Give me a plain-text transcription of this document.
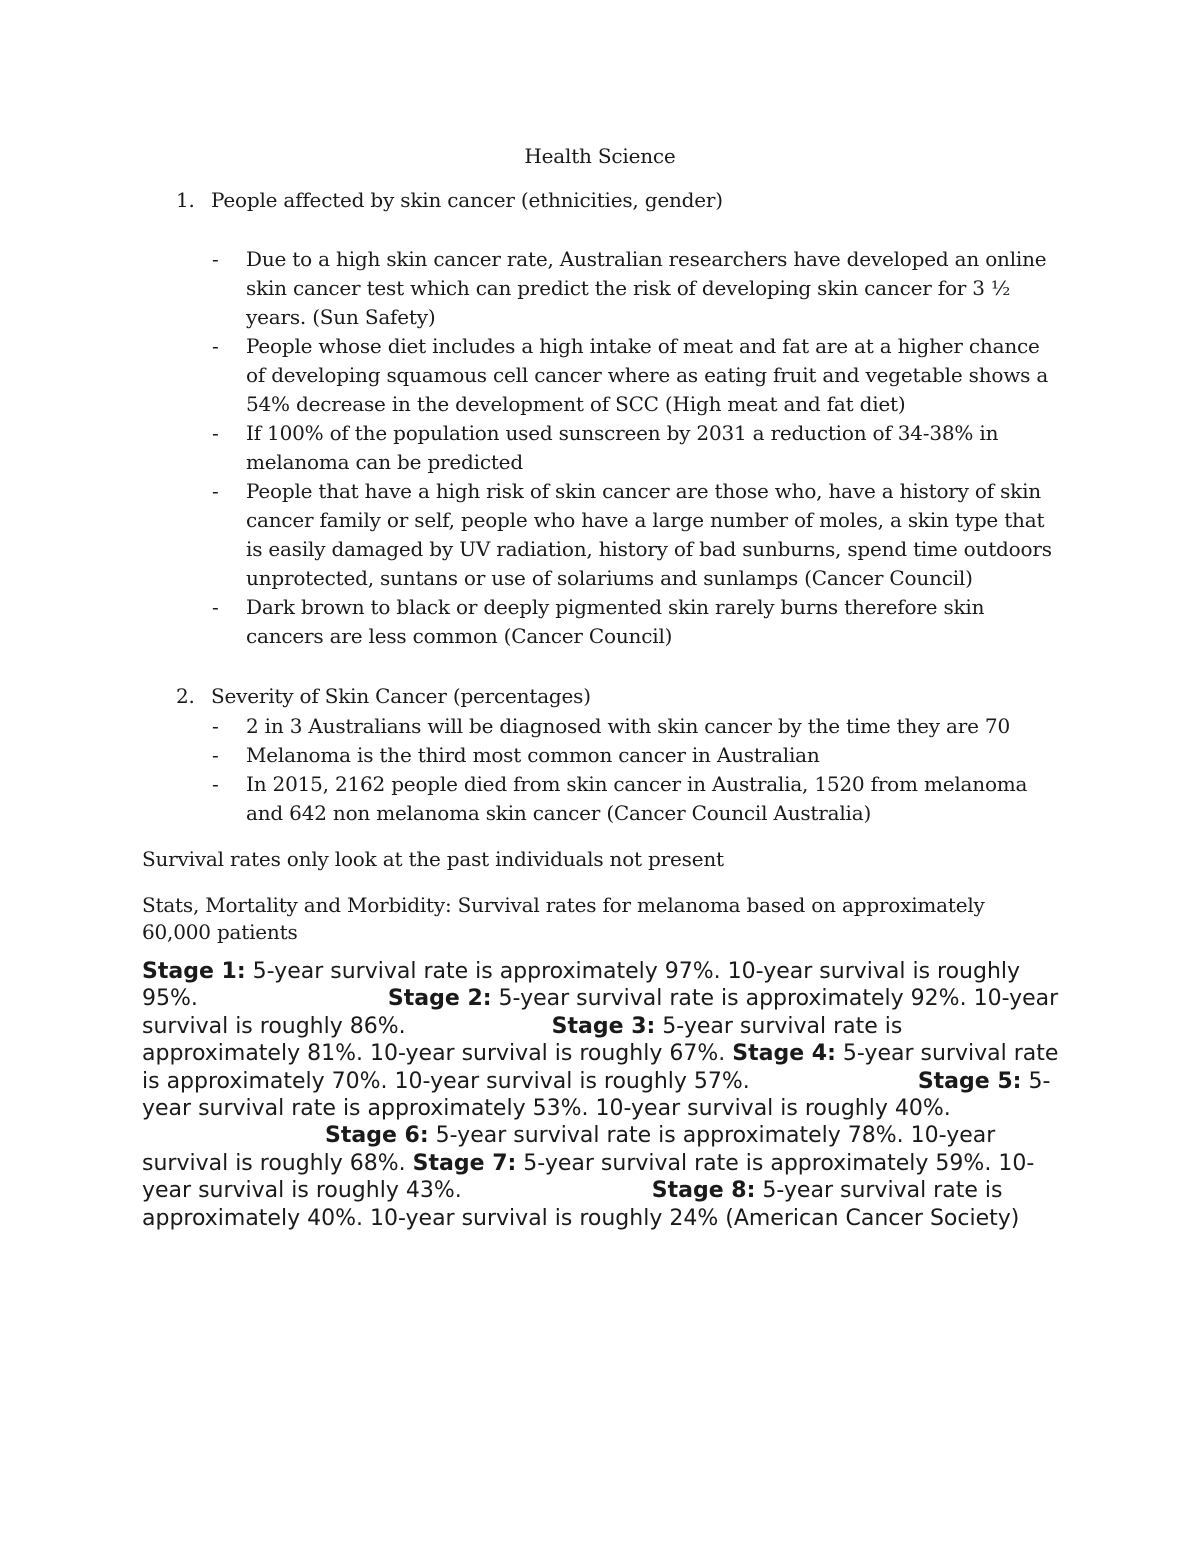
Health Science

1. People affected by skin cancer (ethnicities, gender)

- Due to a high skin cancer rate, Australian researchers have developed an online skin cancer test which can predict the risk of developing skin cancer for 3 ½ years. (Sun Safety)
- People whose diet includes a high intake of meat and fat are at a higher chance of developing squamous cell cancer where as eating fruit and vegetable shows a 54% decrease in the development of SCC (High meat and fat diet)
- If 100% of the population used sunscreen by 2031 a reduction of 34-38% in melanoma can be predicted
- People that have a high risk of skin cancer are those who, have a history of skin cancer family or self, people who have a large number of moles, a skin type that is easily damaged by UV radiation, history of bad sunburns, spend time outdoors unprotected, suntans or use of solariums and sunlamps (Cancer Council)
- Dark brown to black or deeply pigmented skin rarely burns therefore skin cancers are less common (Cancer Council)

2. Severity of Skin Cancer (percentages)

- 2 in 3 Australians will be diagnosed with skin cancer by the time they are 70
- Melanoma is the third most common cancer in Australian
- In 2015, 2162 people died from skin cancer in Australia, 1520 from melanoma and 642 non melanoma skin cancer (Cancer Council Australia)

Survival rates only look at the past individuals not present

Stats, Mortality and Morbidity: Survival rates for melanoma based on approximately 60,000 patients

Stage 1: 5-year survival rate is approximately 97%. 10-year survival is roughly 95%.         	Stage 2: 5-year survival rate is approximately 92%. 10-year survival is roughly 86%.       	Stage 3: 5-year survival rate is approximately 81%. 10-year survival is roughly 67%. Stage 4: 5-year survival rate is approximately 70%. 10-year survival is roughly 57%.        	Stage 5: 5-year survival rate is approximately 53%. 10-year survival is roughly 40%.          Stage 6: 5-year survival rate is approximately 78%. 10-year survival is roughly 68%. Stage 7: 5-year survival rate is approximately 59%. 10-year survival is roughly 43%.         	Stage 8: 5-year survival rate is approximately 40%. 10-year survival is roughly 24% (American Cancer Society)
